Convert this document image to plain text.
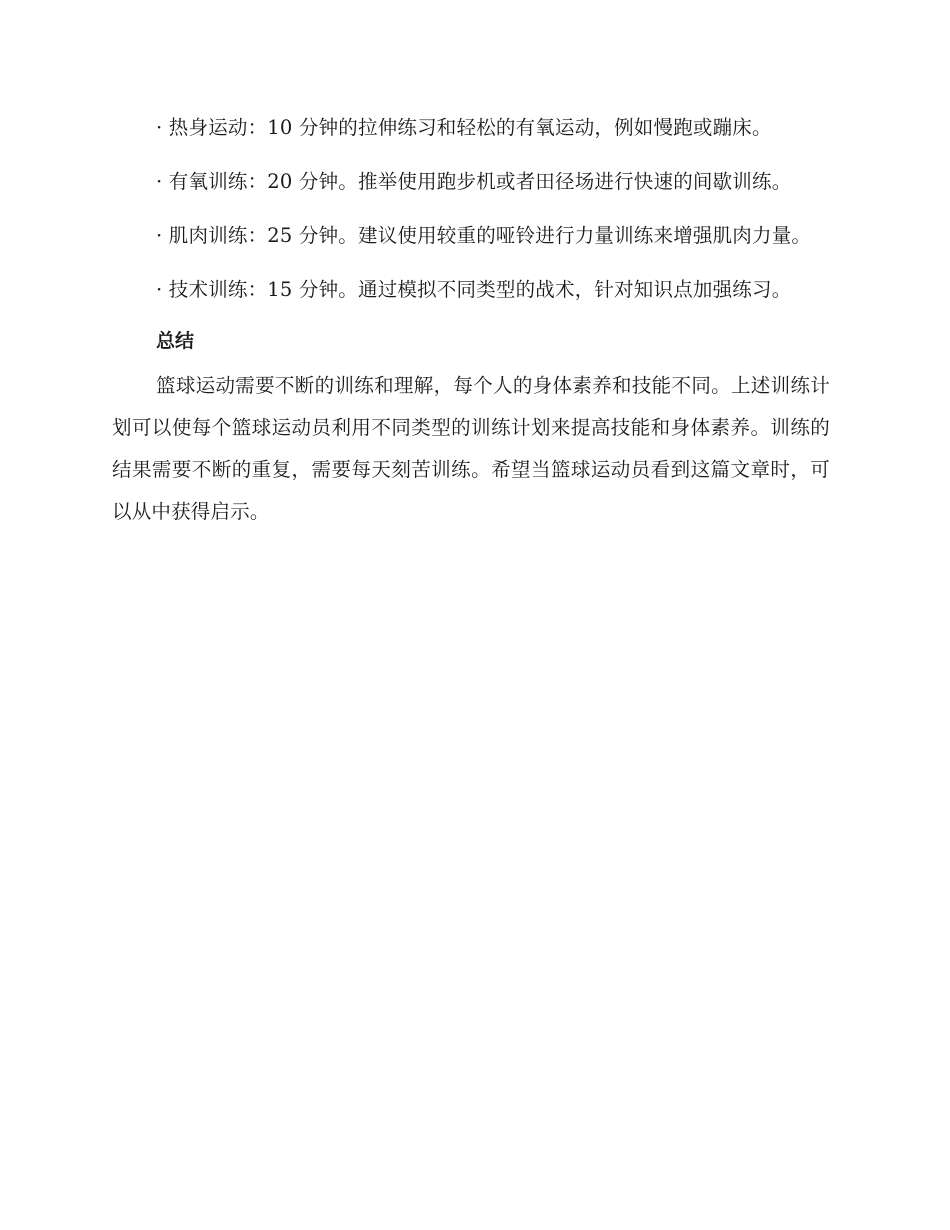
· 热身运动：10 分钟的拉伸练习和轻松的有氧运动，例如慢跑或蹦床。

· 有氧训练：20 分钟。推举使用跑步机或者田径场进行快速的间歇训练。

· 肌肉训练：25 分钟。建议使用较重的哑铃进行力量训练来增强肌肉力量。

· 技术训练：15 分钟。通过模拟不同类型的战术，针对知识点加强练习。

总结

篮球运动需要不断的训练和理解，每个人的身体素养和技能不同。上述训练计划可以使每个篮球运动员利用不同类型的训练计划来提高技能和身体素养。训练的结果需要不断的重复，需要每天刻苦训练。希望当篮球运动员看到这篇文章时，可以从中获得启示。
